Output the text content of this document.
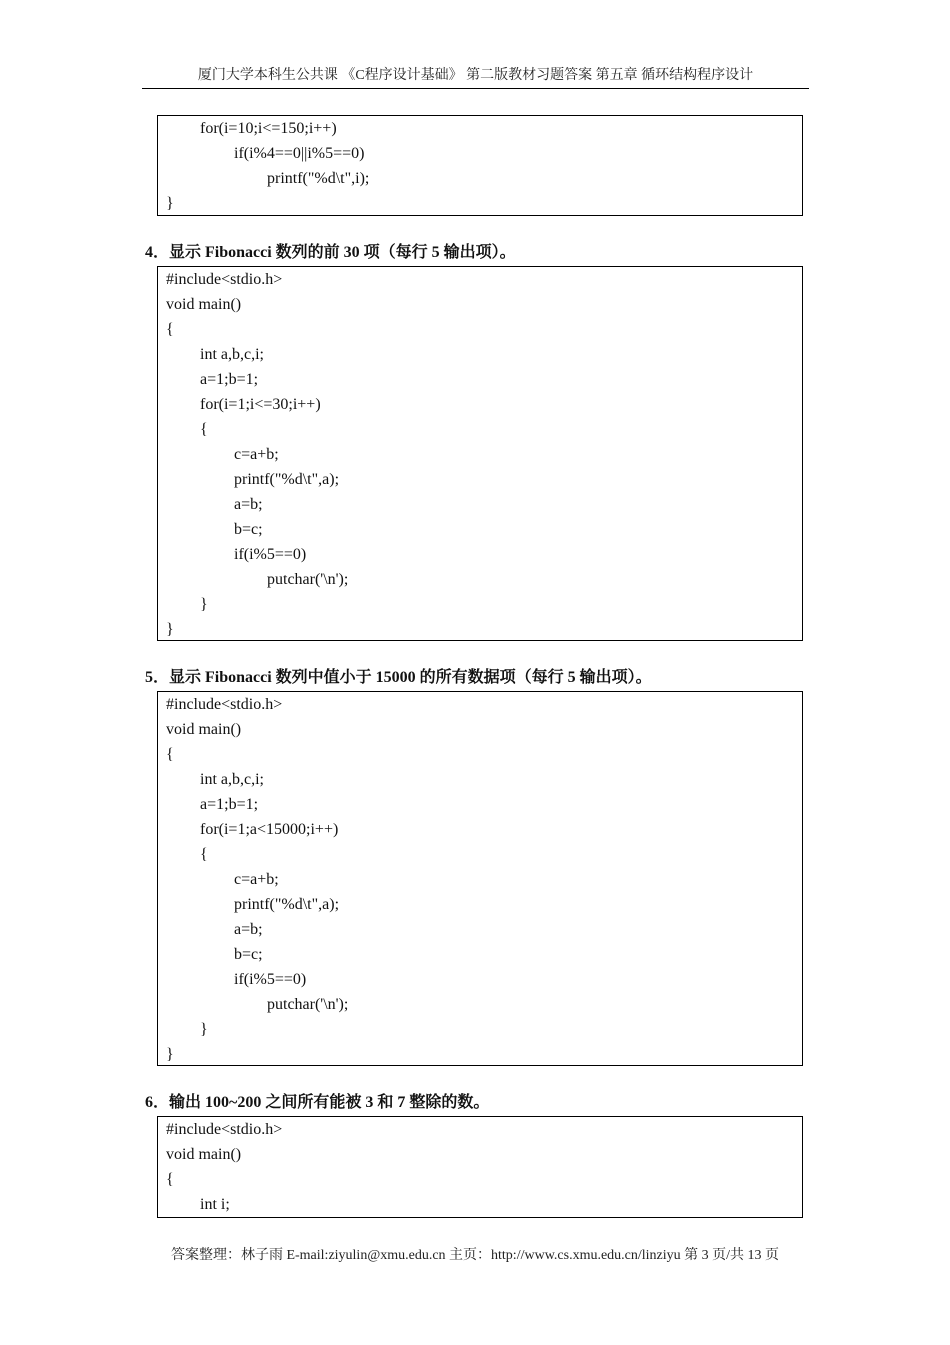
厦门大学本科生公共课 《C程序设计基础》 第二版教材习题答案 第五章 循环结构程序设计
for(i=10;i<=150;i++)
if(i%4==0||i%5==0)
printf("%d\t",i);
}
4．显示 Fibonacci 数列的前 30 项（每行 5 输出项）。
#include<stdio.h>
void main()
{
int a,b,c,i;
a=1;b=1;
for(i=1;i<=30;i++)
{
c=a+b;
printf("%d\t",a);
a=b;
b=c;
if(i%5==0)
putchar('\n');
}
}
5．显示 Fibonacci 数列中值小于 15000 的所有数据项（每行 5 输出项）。
#include<stdio.h>
void main()
{
int a,b,c,i;
a=1;b=1;
for(i=1;a<15000;i++)
{
c=a+b;
printf("%d\t",a);
a=b;
b=c;
if(i%5==0)
putchar('\n');
}
}
6．输出 100~200 之间所有能被 3 和 7 整除的数。
#include<stdio.h>
void main()
{
int i;
答案整理：林子雨 E-mail:ziyulin@xmu.edu.cn 主页：http://www.cs.xmu.edu.cn/linziyu 第 3 页/共 13 页
